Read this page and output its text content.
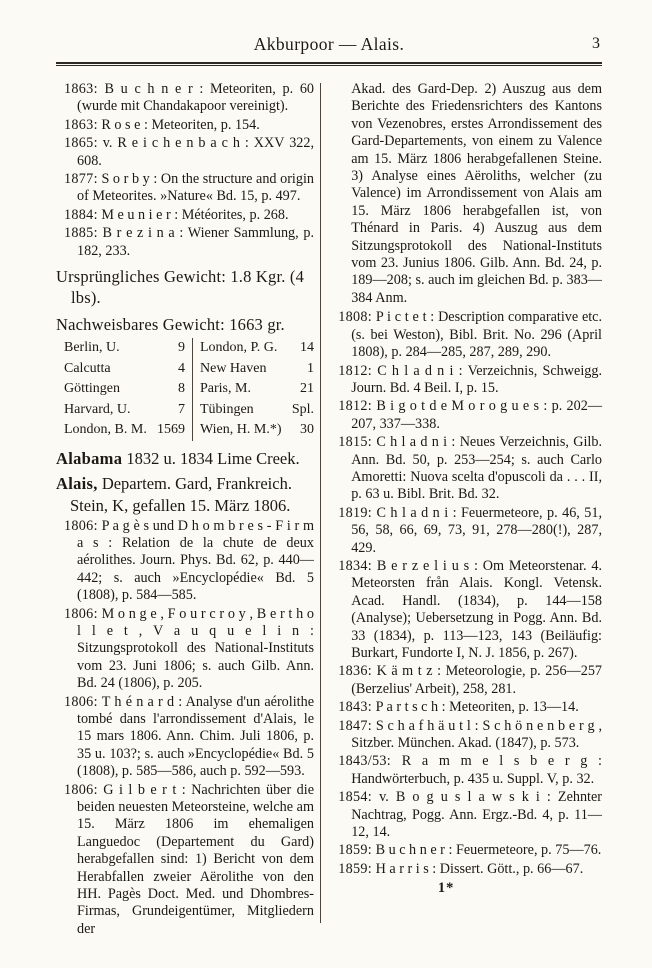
Akburpoor — Alais.	3

1863: B u c h n e r : Meteoriten, p. 60 (wurde mit Chandakapoor vereinigt).

1863: R o s e : Meteoriten, p. 154.

1865: v. R e i c h e n b a c h : XXV 322, 608.

1877: S o r b y : On the structure and origin of Meteorites. »Nature« Bd. 15, p. 497.

1884: M e u n i e r : Météorites, p. 268.

1885: B r e z i n a : Wiener Sammlung, p. 182, 233.

Ursprüngliches Gewicht: 1.8 Kgr. (4 lbs).

Nachweisbares Gewicht: 1663 gr.

Berlin, U.	9 London, P. G. 14
Calcutta	4 New Haven	1
Göttingen	8 Paris, M.	21
Harvard, U.	7 Tübingen	Spl.
London, B. M. 1569 Wien, H. M.*) 30

Alabama 1832 u. 1834 Lime Creek.

Alais, Departem. Gard, Frankreich.
Stein, K, gefallen 15. März 1806.

1806: P a g è s und D h o m b r e s - F i r m a s : Relation de la chute de deux aérolithes. Journ. Phys. Bd. 62, p. 440—442; s. auch »Encyclopédie« Bd. 5 (1808), p. 584—585.

1806: M o n g e , F o u r c r o y , B e r t h o l l e t , V a u q u e l i n : Sitzungsprotokoll des National-Instituts vom 23. Juni 1806; s. auch Gilb. Ann. Bd. 24 (1806), p. 205.

1806: T h é n a r d : Analyse d'un aérolithe tombé dans l'arrondissement d'Alais, le 15 mars 1806. Ann. Chim. Juli 1806, p. 35 u. 103?; s. auch »Encyclopédie« Bd. 5 (1808), p. 585—586, auch p. 592—593.

1806: G i l b e r t : Nachrichten über die beiden neuesten Meteorsteine, welche am 15. März 1806 im ehemaligen Languedoc (Departement du Gard) herabgefallen sind: 1) Bericht von dem Herabfallen zweier Aërolithe von den HH. Pagès Doct. Med. und Dhombres-Firmas, Grundeigentümer, Mitgliedern der

Akad. des Gard-Dep. 2) Auszug aus dem Berichte des Friedensrichters des Kantons von Vezenobres, erstes Arrondissement des Gard-Departements, von einem zu Valence am 15. März 1806 herabgefallenen Steine. 3) Analyse eines Aëroliths, welcher (zu Valence) im Arrondissement von Alais am 15. März 1806 herabgefallen ist, von Thénard in Paris. 4) Auszug aus dem Sitzungsprotokoll des National-Instituts vom 23. Junius 1806. Gilb. Ann. Bd. 24, p. 189—208; s. auch im gleichen Bd. p. 383—384 Anm.

1808: P i c t e t : Description comparative etc. (s. bei Weston), Bibl. Brit. No. 296 (April 1808), p. 284—285, 287, 289, 290.

1812: C h l a d n i : Verzeichnis, Schweigg. Journ. Bd. 4 Beil. I, p. 15.

1812: B i g o t d e M o r o g u e s : p. 202—207, 337—338.

1815: C h l a d n i : Neues Verzeichnis, Gilb. Ann. Bd. 50, p. 253—254; s. auch Carlo Amoretti: Nuova scelta d'opuscoli da . . . II, p. 63 u. Bibl. Brit. Bd. 32.

1819: C h l a d n i : Feuermeteore, p. 46, 51, 56, 58, 66, 69, 73, 91, 278—280(!), 287, 429.

1834: B e r z e l i u s : Om Meteorstenar. 4. Meteorsten från Alais. Kongl. Vetensk. Acad. Handl. (1834), p. 144—158 (Analyse); Uebersetzung in Pogg. Ann. Bd. 33 (1834), p. 113—123, 143 (Beiläufig: Burkart, Fundorte I, N. J. 1856, p. 267).

1836: K ä m t z : Meteorologie, p. 256—257 (Berzelius' Arbeit), 258, 281.

1843: P a r t s c h : Meteoriten, p. 13—14.

1847: S c h a f h ä u t l : S c h ö n e n b e r g , Sitzber. München. Akad. (1847), p. 573.

1843/53: R a m m e l s b e r g : Handwörterbuch, p. 435 u. Suppl. V, p. 32.

1854: v. B o g u s l a w s k i : Zehnter Nachtrag, Pogg. Ann. Ergz.-Bd. 4, p. 11—12, 14.

1859: B u c h n e r : Feuermeteore, p. 75—76.

1859: H a r r i s : Dissert. Gött., p. 66—67.

1*
